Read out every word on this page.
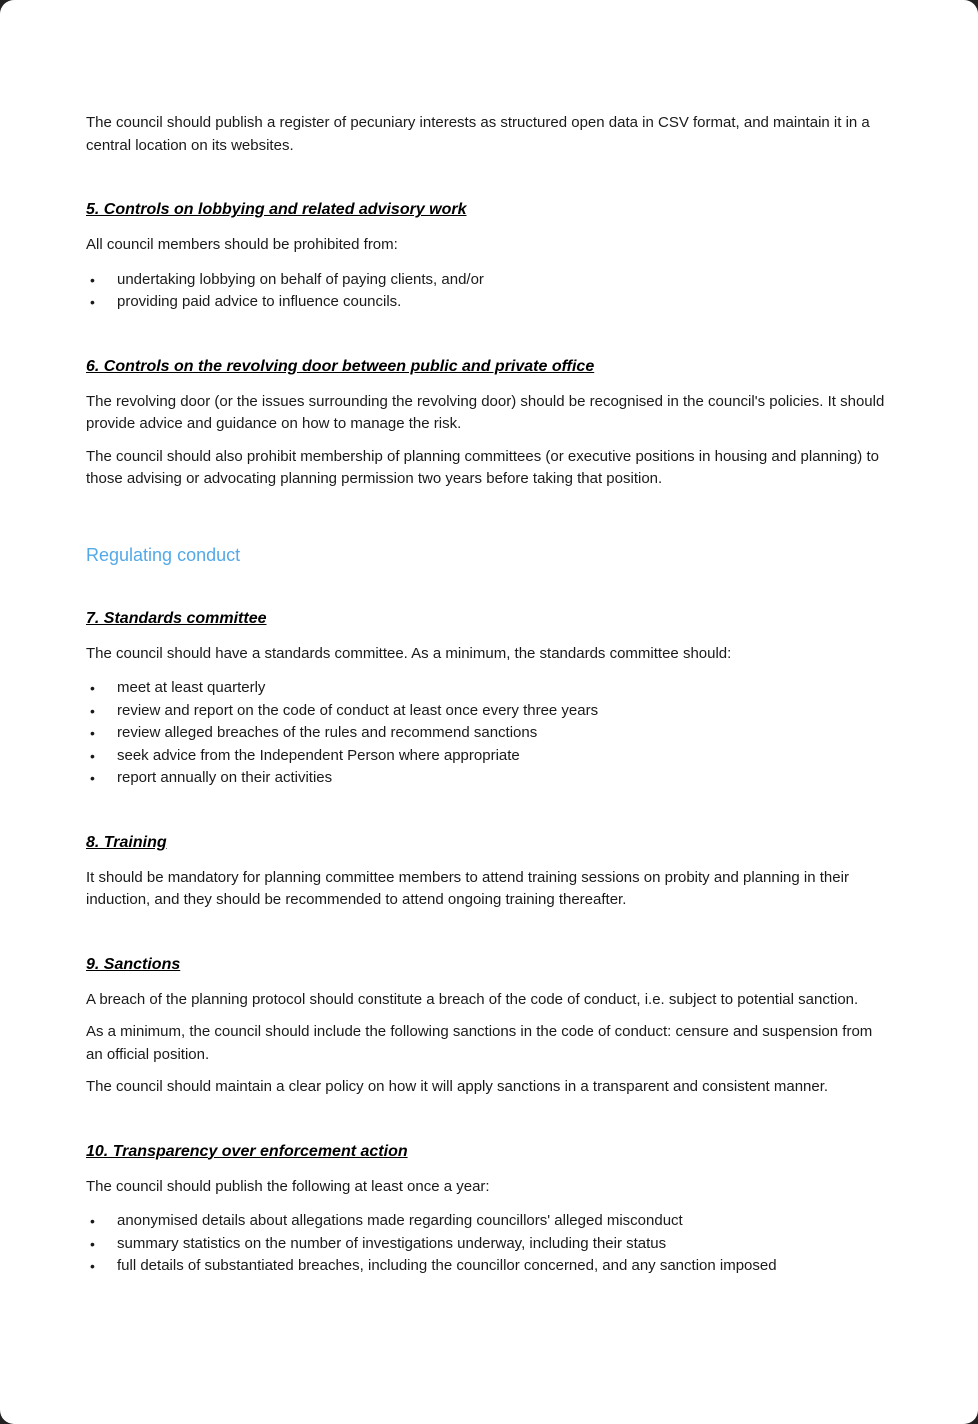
The council should publish a register of pecuniary interests as structured open data in CSV format, and maintain it in a central location on its websites.
5. Controls on lobbying and related advisory work
All council members should be prohibited from:
• undertaking lobbying on behalf of paying clients, and/or
• providing paid advice to influence councils.
6. Controls on the revolving door between public and private office
The revolving door (or the issues surrounding the revolving door) should be recognised in the council's policies. It should provide advice and guidance on how to manage the risk.
The council should also prohibit membership of planning committees (or executive positions in housing and planning) to those advising or advocating planning permission two years before taking that position.
Regulating conduct
7. Standards committee
The council should have a standards committee. As a minimum, the standards committee should:
• meet at least quarterly
• review and report on the code of conduct at least once every three years
• review alleged breaches of the rules and recommend sanctions
• seek advice from the Independent Person where appropriate
• report annually on their activities
8. Training
It should be mandatory for planning committee members to attend training sessions on probity and planning in their induction, and they should be recommended to attend ongoing training thereafter.
9. Sanctions
A breach of the planning protocol should constitute a breach of the code of conduct, i.e. subject to potential sanction.
As a minimum, the council should include the following sanctions in the code of conduct: censure and suspension from an official position.
The council should maintain a clear policy on how it will apply sanctions in a transparent and consistent manner.
10. Transparency over enforcement action
The council should publish the following at least once a year:
• anonymised details about allegations made regarding councillors' alleged misconduct
• summary statistics on the number of investigations underway, including their status
• full details of substantiated breaches, including the councillor concerned, and any sanction imposed
